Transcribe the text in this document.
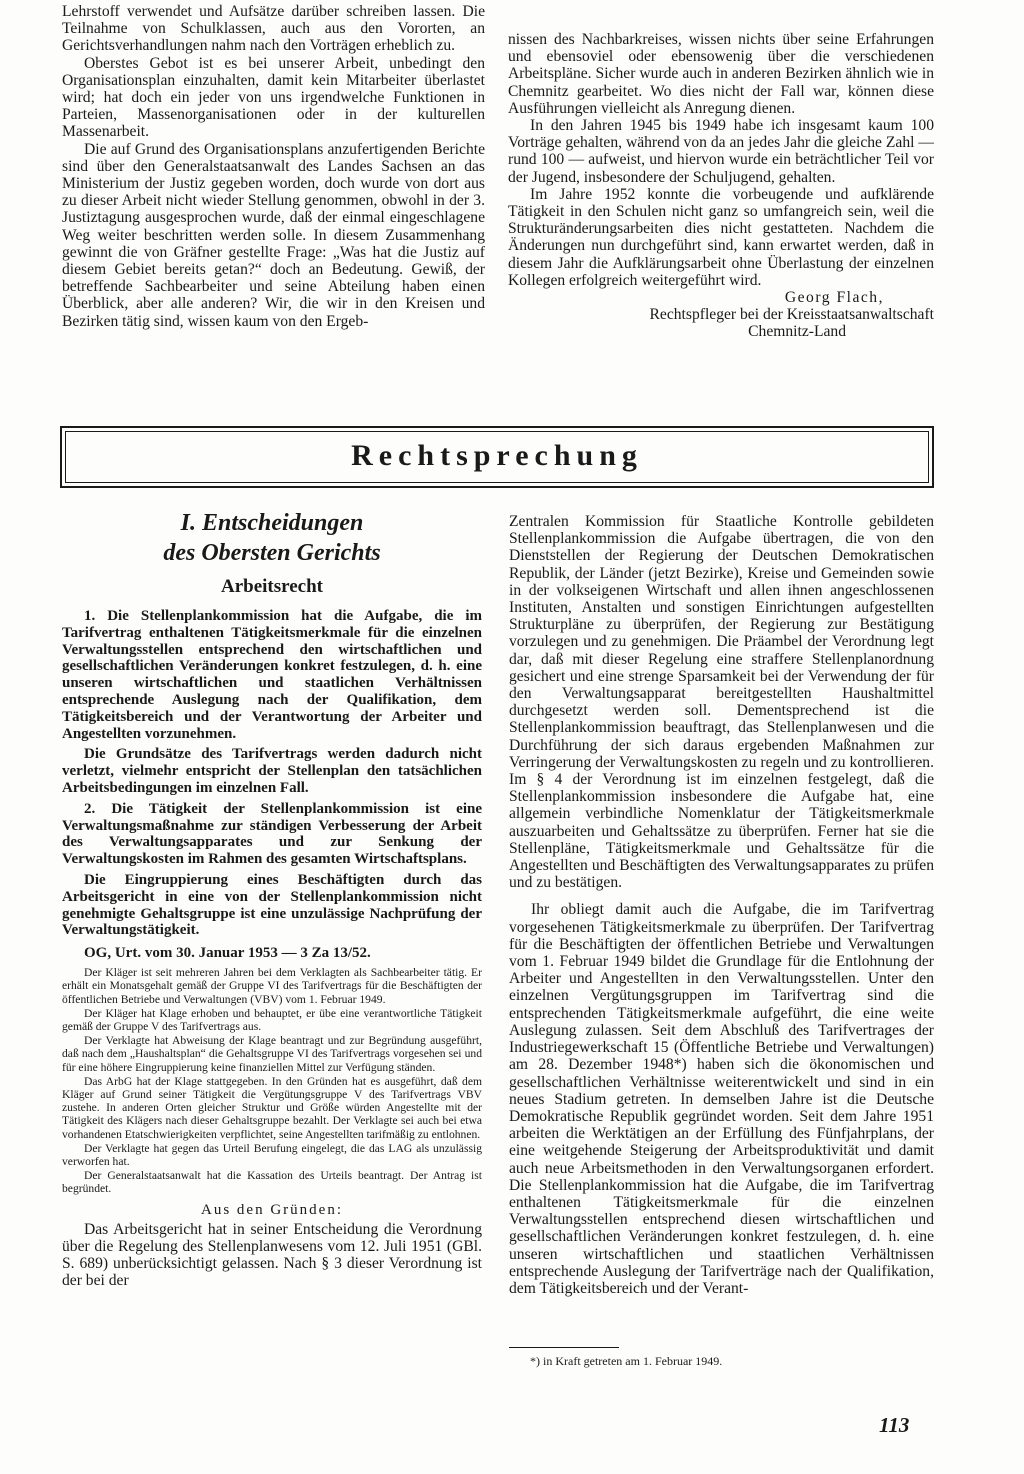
Lehrstoff verwendet und Aufsätze darüber schreiben lassen. Die Teilnahme von Schulklassen, auch aus den Vororten, an Gerichtsverhandlungen nahm nach den Vorträgen erheblich zu.

Oberstes Gebot ist es bei unserer Arbeit, unbedingt den Organisationsplan einzuhalten, damit kein Mitarbeiter überlastet wird; hat doch ein jeder von uns irgendwelche Funktionen in Parteien, Massenorganisationen oder in der kulturellen Massenarbeit.

Die auf Grund des Organisationsplans anzufertigenden Berichte sind über den Generalstaatsanwalt des Landes Sachsen an das Ministerium der Justiz gegeben worden, doch wurde von dort aus zu dieser Arbeit nicht wieder Stellung genommen, obwohl in der 3. Justiztagung ausgesprochen wurde, daß der einmal eingeschlagene Weg weiter beschritten werden solle. In diesem Zusammenhang gewinnt die von Gräfner gestellte Frage: „Was hat die Justiz auf diesem Gebiet bereits getan?“ doch an Bedeutung. Gewiß, der betreffende Sachbearbeiter und seine Abteilung haben einen Überblick, aber alle anderen? Wir, die wir in den Kreisen und Bezirken tätig sind, wissen kaum von den Ergeb-

nissen des Nachbarkreises, wissen nichts über seine Erfahrungen und ebensoviel oder ebensowenig über die verschiedenen Arbeitspläne. Sicher wurde auch in anderen Bezirken ähnlich wie in Chemnitz gearbeitet. Wo dies nicht der Fall war, können diese Ausführungen vielleicht als Anregung dienen.

In den Jahren 1945 bis 1949 habe ich insgesamt kaum 100 Vorträge gehalten, während von da an jedes Jahr die gleiche Zahl — rund 100 — aufweist, und hiervon wurde ein beträchtlicher Teil vor der Jugend, insbesondere der Schuljugend, gehalten.

Im Jahre 1952 konnte die vorbeugende und aufklärende Tätigkeit in den Schulen nicht ganz so umfangreich sein, weil die Strukturänderungsarbeiten dies nicht gestatteten. Nachdem die Änderungen nun durchgeführt sind, kann erwartet werden, daß in diesem Jahr die Aufklärungsarbeit ohne Überlastung der einzelnen Kollegen erfolgreich weitergeführt wird.

Georg Flach,
Rechtspfleger bei der Kreisstaatsanwaltschaft
Chemnitz-Land
Rechtsprechung
I. Entscheidungen
des Obersten Gerichts
Arbeitsrecht

1. Die Stellenplankommission hat die Aufgabe, die im Tarifvertrag enthaltenen Tätigkeitsmerkmale für die einzelnen Verwaltungsstellen entsprechend den wirtschaftlichen und gesellschaftlichen Veränderungen konkret festzulegen, d. h. eine unseren wirtschaftlichen und staatlichen Verhältnissen entsprechende Auslegung nach der Qualifikation, dem Tätigkeitsbereich und der Verantwortung der Arbeiter und Angestellten vorzunehmen.

Die Grundsätze des Tarifvertrags werden dadurch nicht verletzt, vielmehr entspricht der Stellenplan den tatsächlichen Arbeitsbedingungen im einzelnen Fall.

2. Die Tätigkeit der Stellenplankommission ist eine Verwaltungsmaßnahme zur ständigen Verbesserung der Arbeit des Verwaltungsapparates und zur Senkung der Verwaltungskosten im Rahmen des gesamten Wirtschaftsplans.

Die Eingruppierung eines Beschäftigten durch das Arbeitsgericht in eine von der Stellenplankommission nicht genehmigte Gehaltsgruppe ist eine unzulässige Nachprüfung der Verwaltungstätigkeit.

OG, Urt. vom 30. Januar 1953 — 3 Za 13/52.

Der Kläger ist seit mehreren Jahren bei dem Verklagten als Sachbearbeiter tätig. Er erhält ein Monatsgehalt gemäß der Gruppe VI des Tarifvertrags für die Beschäftigten der öffentlichen Betriebe und Verwaltungen (VBV) vom 1. Februar 1949.

Der Kläger hat Klage erhoben und behauptet, er übe eine verantwortliche Tätigkeit gemäß der Gruppe V des Tarifvertrags aus.

Der Verklagte hat Abweisung der Klage beantragt und zur Begründung ausgeführt, daß nach dem „Haushaltsplan“ die Gehaltsgruppe VI des Tarifvertrags vorgesehen sei und für eine höhere Eingruppierung keine finanziellen Mittel zur Verfügung ständen.

Das ArbG hat der Klage stattgegeben. In den Gründen hat es ausgeführt, daß dem Kläger auf Grund seiner Tätigkeit die Vergütungsgruppe V des Tarifvertrags VBV zustehe. In anderen Orten gleicher Struktur und Größe würden Angestellte mit der Tätigkeit des Klägers nach dieser Gehaltsgruppe bezahlt. Der Verklagte sei auch bei etwa vorhandenen Etatschwierigkeiten verpflichtet, seine Angestellten tarifmäßig zu entlohnen.

Der Verklagte hat gegen das Urteil Berufung eingelegt, die das LAG als unzulässig verworfen hat.

Der Generalstaatsanwalt hat die Kassation des Urteils beantragt. Der Antrag ist begründet.

Aus den Gründen:

Das Arbeitsgericht hat in seiner Entscheidung die Verordnung über die Regelung des Stellenplanwesens vom 12. Juli 1951 (GBl. S. 689) unberücksichtigt gelassen. Nach § 3 dieser Verordnung ist der bei der

Zentralen Kommission für Staatliche Kontrolle gebildeten Stellenplankommission die Aufgabe übertragen, die von den Dienststellen der Regierung der Deutschen Demokratischen Republik, der Länder (jetzt Bezirke), Kreise und Gemeinden sowie in der volkseigenen Wirtschaft und allen ihnen angeschlossenen Instituten, Anstalten und sonstigen Einrichtungen aufgestellten Strukturpläne zu überprüfen, der Regierung zur Bestätigung vorzulegen und zu genehmigen. Die Präambel der Verordnung legt dar, daß mit dieser Regelung eine straffere Stellenplanordnung gesichert und eine strenge Sparsamkeit bei der Verwendung der für den Verwaltungsapparat bereitgestellten Haushaltmittel durchgesetzt werden soll. Dementsprechend ist die Stellenplankommission beauftragt, das Stellenplanwesen und die Durchführung der sich daraus ergebenden Maßnahmen zur Verringerung der Verwaltungskosten zu regeln und zu kontrollieren. Im § 4 der Verordnung ist im einzelnen festgelegt, daß die Stellenplankommission insbesondere die Aufgabe hat, eine allgemein verbindliche Nomenklatur der Tätigkeitsmerkmale auszuarbeiten und Gehaltssätze zu überprüfen. Ferner hat sie die Stellenpläne, Tätigkeitsmerkmale und Gehaltssätze für die Angestellten und Beschäftigten des Verwaltungsapparates zu prüfen und zu bestätigen.

Ihr obliegt damit auch die Aufgabe, die im Tarifvertrag vorgesehenen Tätigkeitsmerkmale zu überprüfen. Der Tarifvertrag für die Beschäftigten der öffentlichen Betriebe und Verwaltungen vom 1. Februar 1949 bildet die Grundlage für die Entlohnung der Arbeiter und Angestellten in den Verwaltungsstellen. Unter den einzelnen Vergütungsgruppen im Tarifvertrag sind die entsprechenden Tätigkeitsmerkmale aufgeführt, die eine weite Auslegung zulassen. Seit dem Abschluß des Tarifvertrages der Industriegewerkschaft 15 (Öffentliche Betriebe und Verwaltungen) am 28. Dezember 1948*) haben sich die ökonomischen und gesellschaftlichen Verhältnisse weiterentwickelt und sind in ein neues Stadium getreten. In demselben Jahre ist die Deutsche Demokratische Republik gegründet worden. Seit dem Jahre 1951 arbeiten die Werktätigen an der Erfüllung des Fünfjahrplans, der eine weitgehende Steigerung der Arbeitsproduktivität und damit auch neue Arbeitsmethoden in den Verwaltungsorganen erfordert. Die Stellenplankommission hat die Aufgabe, die im Tarifvertrag enthaltenen Tätigkeitsmerkmale für die einzelnen Verwaltungsstellen entsprechend diesen wirtschaftlichen und gesellschaftlichen Veränderungen konkret festzulegen, d. h. eine unseren wirtschaftlichen und staatlichen Verhältnissen entsprechende Auslegung der Tarifverträge nach der Qualifikation, dem Tätigkeitsbereich und der Verant-

*) in Kraft getreten am 1. Februar 1949.
113
